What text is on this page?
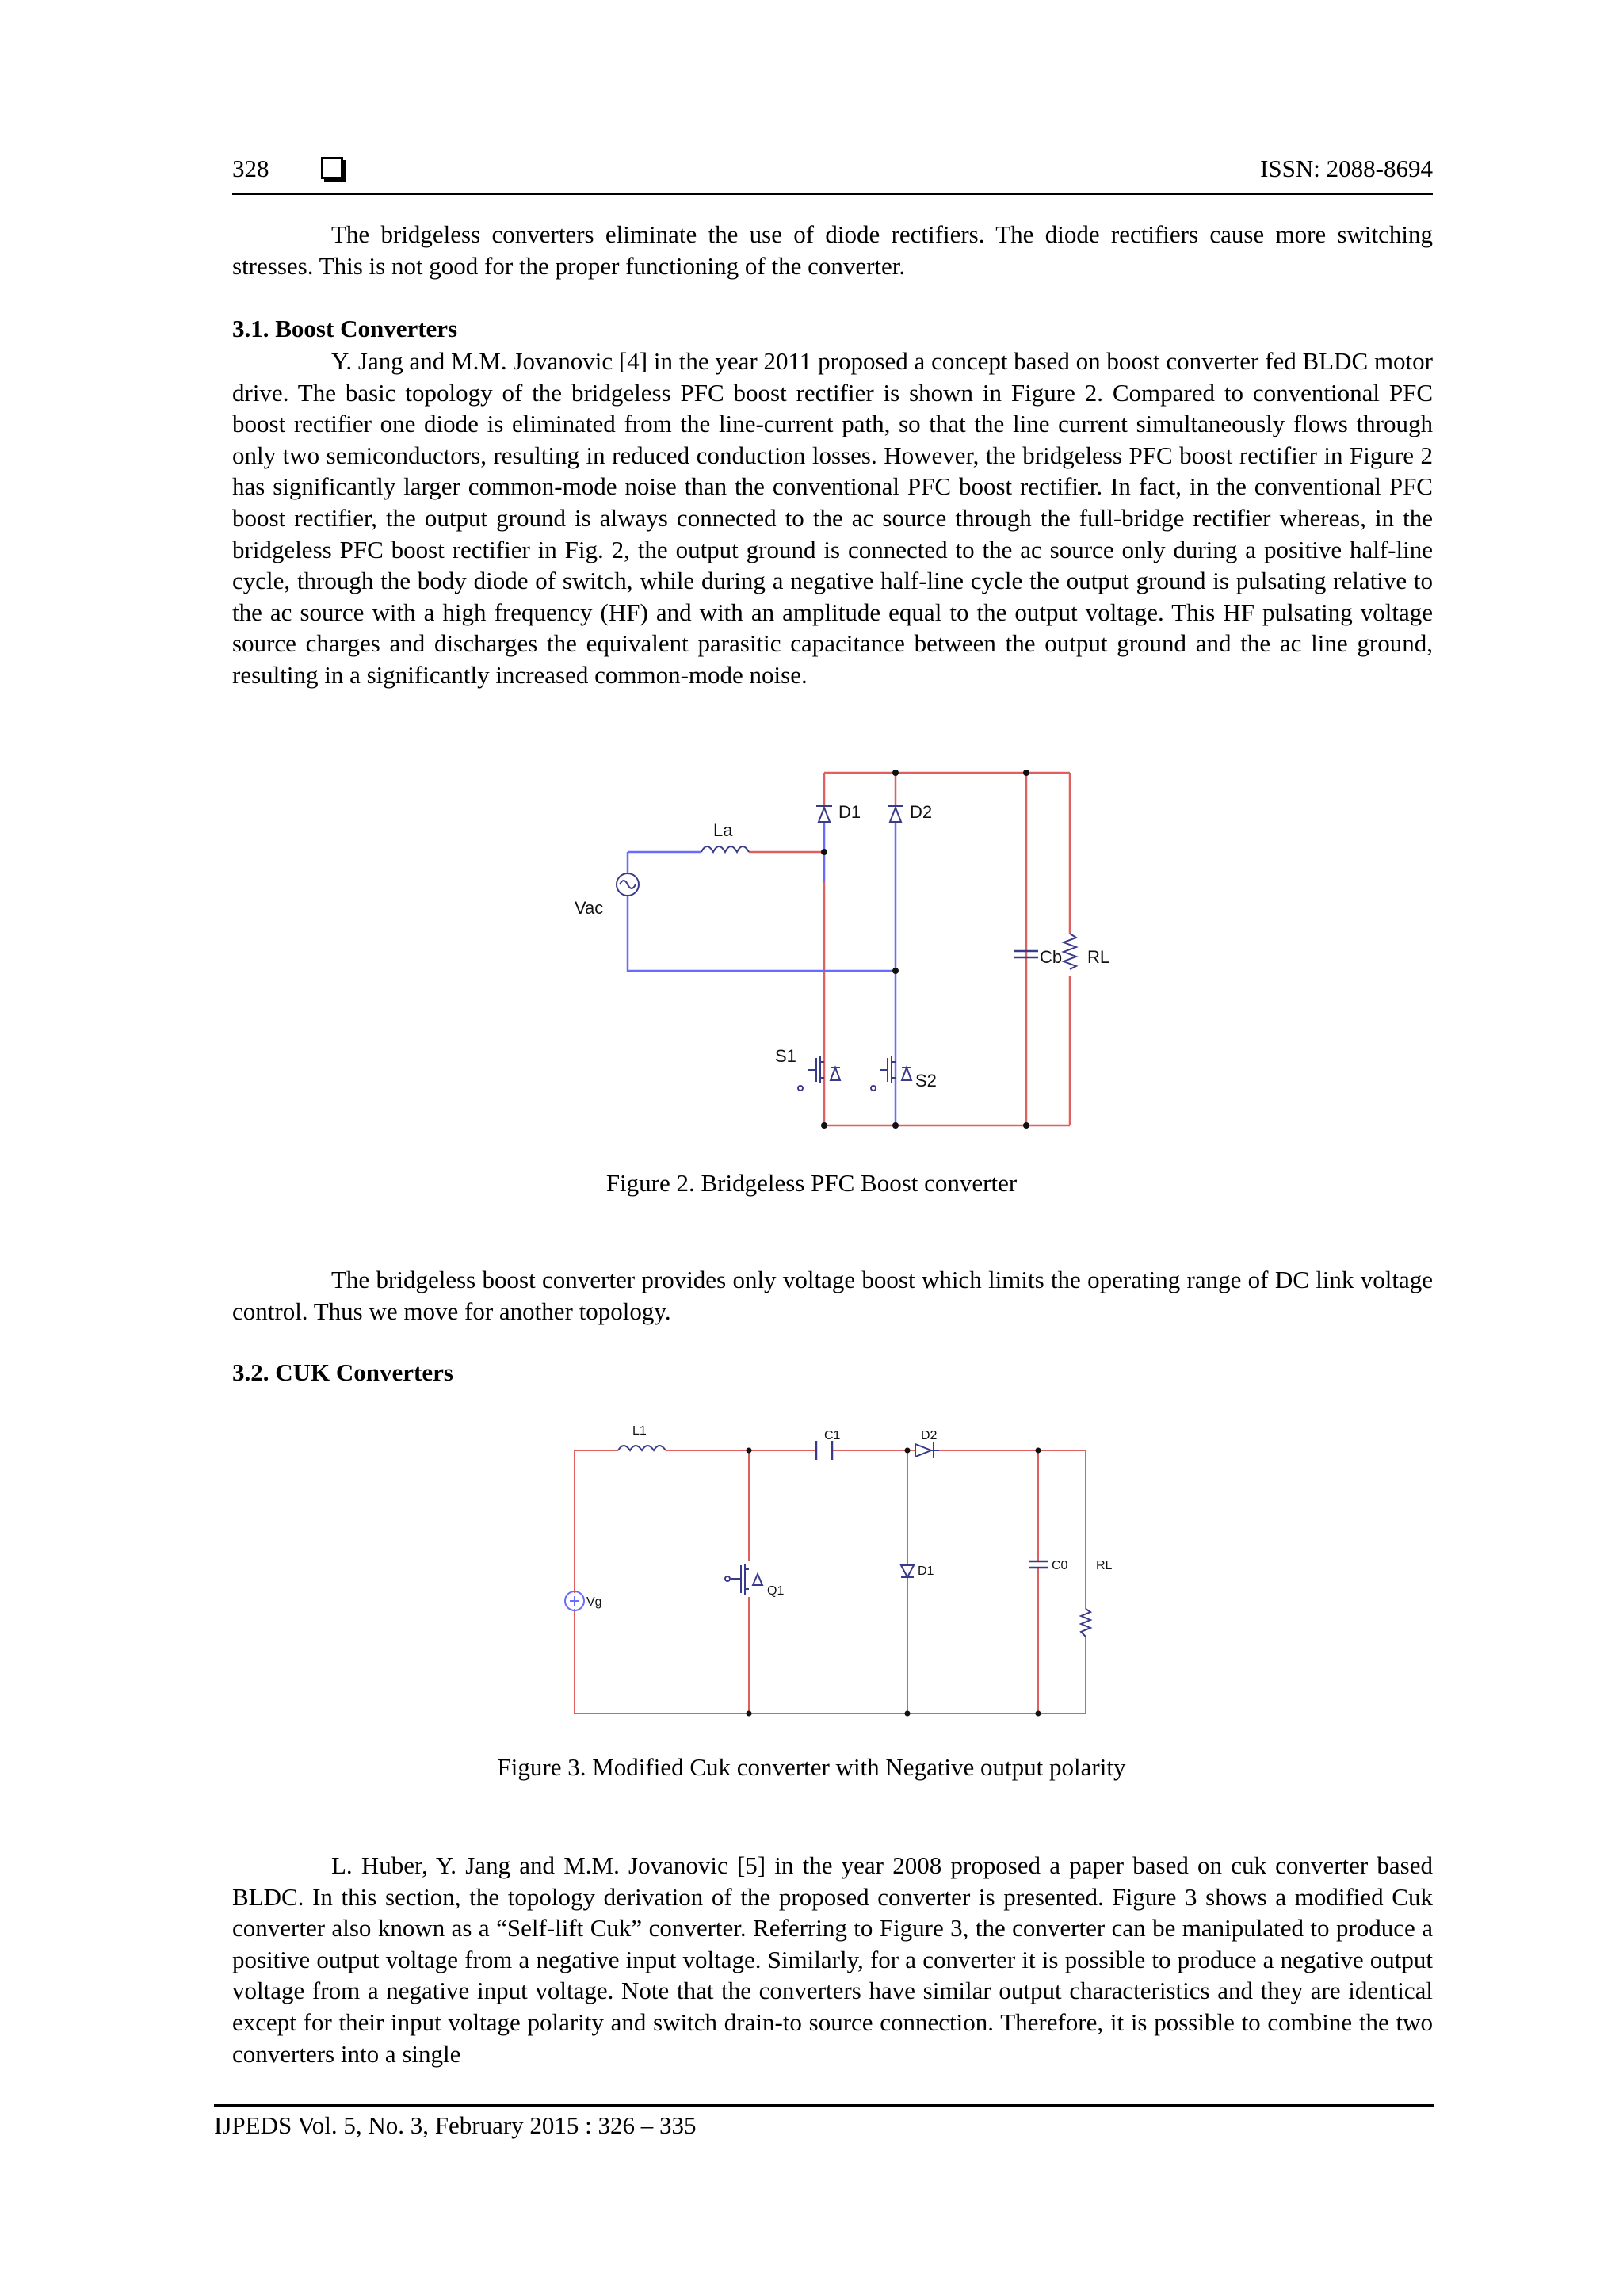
328	ISSN: 2088-8694

The bridgeless converters eliminate the use of diode rectifiers. The diode rectifiers cause more switching stresses. This is not good for the proper functioning of the converter.

3.1. Boost Converters

Y. Jang and M.M. Jovanovic [4] in the year 2011 proposed a concept based on boost converter fed BLDC motor drive. The basic topology of the bridgeless PFC boost rectifier is shown in Figure 2. Compared to conventional PFC boost rectifier one diode is eliminated from the line-current path, so that the line current simultaneously flows through only two semiconductors, resulting in reduced conduction losses. However, the bridgeless PFC boost rectifier in Figure 2 has significantly larger common-mode noise than the conventional PFC boost rectifier. In fact, in the conventional PFC boost rectifier, the output ground is always connected to the ac source through the full-bridge rectifier whereas, in the bridgeless PFC boost rectifier in Fig. 2, the output ground is connected to the ac source only during a positive half-line cycle, through the body diode of switch, while during a negative half-line cycle the output ground is pulsating relative to the ac source with a high frequency (HF) and with an amplitude equal to the output voltage. This HF pulsating voltage source charges and discharges the equivalent parasitic capacitance between the output ground and the ac line ground, resulting in a significantly increased common-mode noise.

D1	D2
La
Vac
Cb RL
S1
S2

Figure 2. Bridgeless PFC Boost converter

The bridgeless boost converter provides only voltage boost which limits the operating range of DC link voltage control. Thus we move for another topology.

3.2. CUK Converters

L1	C1	D2
Vg
Q1
D1	C0 RL

Figure 3. Modified Cuk converter with Negative output polarity

L. Huber, Y. Jang and M.M. Jovanovic [5] in the year 2008 proposed a paper based on cuk converter based BLDC. In this section, the topology derivation of the proposed converter is presented. Figure 3 shows a modified Cuk converter also known as a “Self-lift Cuk” converter. Referring to Figure 3, the converter can be manipulated to produce a positive output voltage from a negative input voltage. Similarly, for a converter it is possible to produce a negative output voltage from a negative input voltage. Note that the converters have similar output characteristics and they are identical except for their input voltage polarity and switch drain-to source connection. Therefore, it is possible to combine the two converters into a single

IJPEDS Vol. 5, No. 3, February 2015 : 326 – 335
